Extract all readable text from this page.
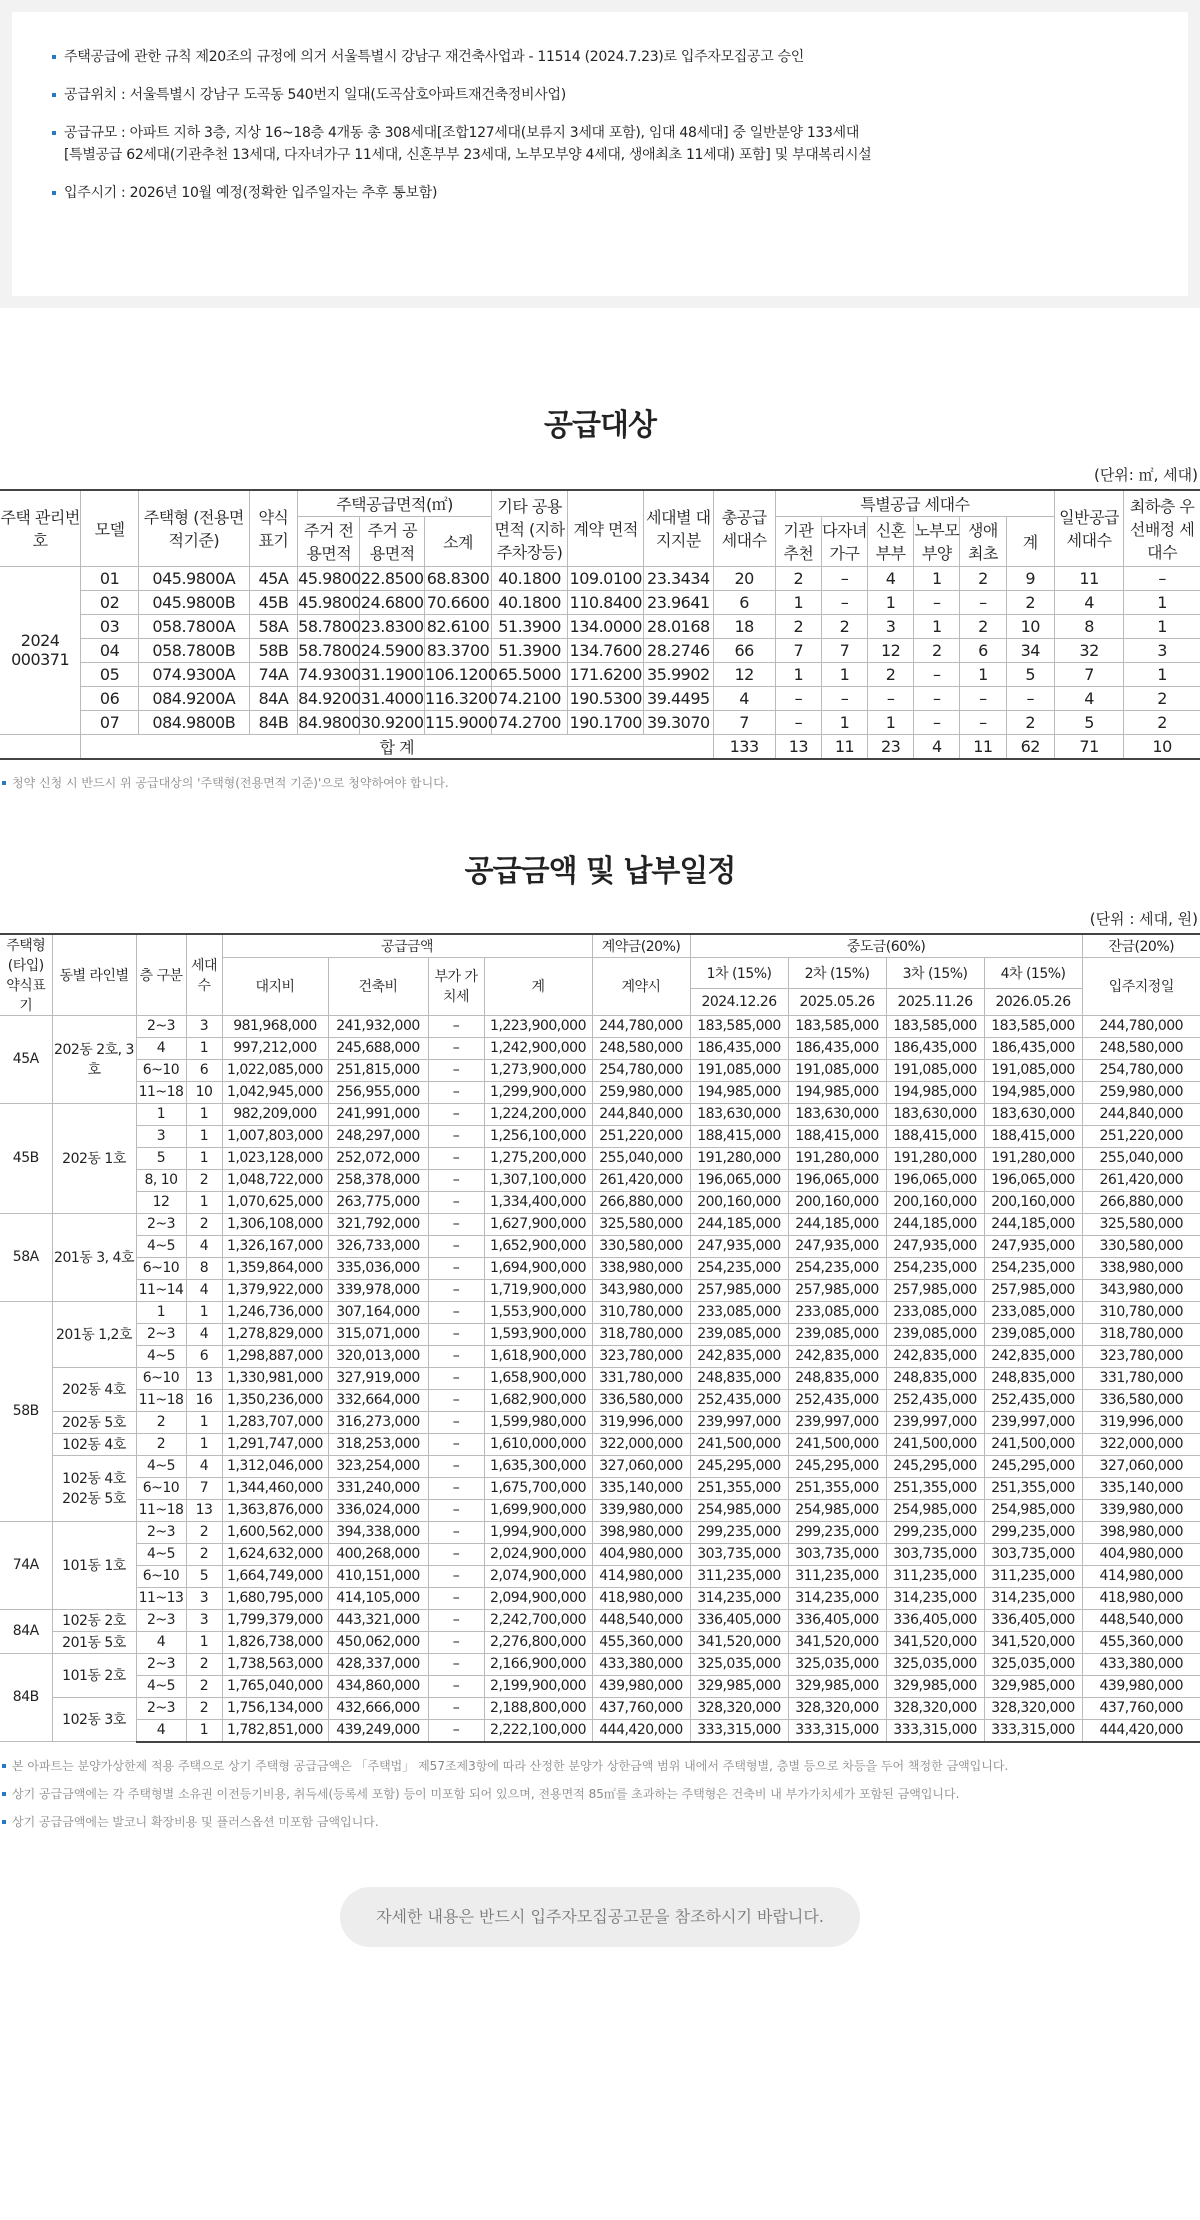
주택공급에 관한 규칙 제20조의 규정에 의거 서울특별시 강남구 재건축사업과 - 11514 (2024.7.23)로 입주자모집공고 승인
공급위치 : 서울특별시 강남구 도곡동 540번지 일대(도곡삼호아파트재건축정비사업)
공급규모 : 아파트 지하 3층, 지상 16~18층 4개동 총 308세대[조합127세대(보류지 3세대 포함), 임대 48세대] 중 일반분양 133세대
[특별공급 62세대(기관추천 13세대, 다자녀가구 11세대, 신혼부부 23세대, 노부모부양 4세대, 생애최초 11세대) 포함] 및 부대복리시설
입주시기 : 2026년 10월 예정(정확한 입주일자는 추후 통보함)
공급대상
(단위: ㎡, 세대)
주택 관리번호	모델	주택형 (전용면적기준)	약식 표기	주택공급면적(㎡)			기타 공용면적 (지하주차장등)	계약 면적	세대별 대지지분	총공급 세대수	특별공급 세대수						일반공급 세대수	최하층 우선배정 세대수
				주거 전용면적	주거 공용면적	소계					기관 추천	다자녀 가구	신혼 부부	노부모 부양	생애 최초	계		

2024 000371	01	045.9800A	45A	45.9800	22.8500	68.8300	40.1800	109.0100	23.3434	20	2	–	4	1	2	9	11	–
	02	045.9800B	45B	45.9800	24.6800	70.6600	40.1800	110.8400	23.9641	6	1	–	1	–	–	2	4	1
	03	058.7800A	58A	58.7800	23.8300	82.6100	51.3900	134.0000	28.0168	18	2	2	3	1	2	10	8	1
	04	058.7800B	58B	58.7800	24.5900	83.3700	51.3900	134.7600	28.2746	66	7	7	12	2	6	34	32	3
	05	074.9300A	74A	74.9300	31.1900	106.1200	65.5000	171.6200	35.9902	12	1	1	2	–	1	5	7	1
	06	084.9200A	84A	84.9200	31.4000	116.3200	74.2100	190.5300	39.4495	4	–	–	–	–	–	–	4	2
	07	084.9800B	84B	84.9800	30.9200	115.9000	74.2700	190.1700	39.3070	7	–	1	1	–	–	2	5	2
	합 계									133	13	11	23	4	11	62	71	10
청약 신청 시 반드시 위 공급대상의 '주택형(전용면적 기준)'으로 청약하여야 합니다.
공급금액 및 납부일정
(단위 : 세대, 원)
주택형 (타입) 약식표기	동별 라인별	층 구분	세대 수	공급금액				계약금(20%)	중도금(60%)				잔금(20%)
				대지비	건축비	부가 가치세	계	계약시	1차 (15%)	2차 (15%)	3차 (15%)	4차 (15%)	입주지정일
									2024.12.26	2025.05.26	2025.11.26	2026.05.26	
45A	202동 2호, 3호	2~3	3	981,968,000	241,932,000	–	1,223,900,000	244,780,000	183,585,000	183,585,000	183,585,000	183,585,000	244,780,000
		4	1	997,212,000	245,688,000	–	1,242,900,000	248,580,000	186,435,000	186,435,000	186,435,000	186,435,000	248,580,000
		6~10	6	1,022,085,000	251,815,000	–	1,273,900,000	254,780,000	191,085,000	191,085,000	191,085,000	191,085,000	254,780,000
		11~18	10	1,042,945,000	256,955,000	–	1,299,900,000	259,980,000	194,985,000	194,985,000	194,985,000	194,985,000	259,980,000
45B	202동 1호	1	1	982,209,000	241,991,000	–	1,224,200,000	244,840,000	183,630,000	183,630,000	183,630,000	183,630,000	244,840,000
		3	1	1,007,803,000	248,297,000	–	1,256,100,000	251,220,000	188,415,000	188,415,000	188,415,000	188,415,000	251,220,000
		5	1	1,023,128,000	252,072,000	–	1,275,200,000	255,040,000	191,280,000	191,280,000	191,280,000	191,280,000	255,040,000
		8, 10	2	1,048,722,000	258,378,000	–	1,307,100,000	261,420,000	196,065,000	196,065,000	196,065,000	196,065,000	261,420,000
		12	1	1,070,625,000	263,775,000	–	1,334,400,000	266,880,000	200,160,000	200,160,000	200,160,000	200,160,000	266,880,000
58A	201동 3, 4호	2~3	2	1,306,108,000	321,792,000	–	1,627,900,000	325,580,000	244,185,000	244,185,000	244,185,000	244,185,000	325,580,000
		4~5	4	1,326,167,000	326,733,000	–	1,652,900,000	330,580,000	247,935,000	247,935,000	247,935,000	247,935,000	330,580,000
		6~10	8	1,359,864,000	335,036,000	–	1,694,900,000	338,980,000	254,235,000	254,235,000	254,235,000	254,235,000	338,980,000
		11~14	4	1,379,922,000	339,978,000	–	1,719,900,000	343,980,000	257,985,000	257,985,000	257,985,000	257,985,000	343,980,000
58B	201동 1,2호	1	1	1,246,736,000	307,164,000	–	1,553,900,000	310,780,000	233,085,000	233,085,000	233,085,000	233,085,000	310,780,000
		2~3	4	1,278,829,000	315,071,000	–	1,593,900,000	318,780,000	239,085,000	239,085,000	239,085,000	239,085,000	318,780,000
		4~5	6	1,298,887,000	320,013,000	–	1,618,900,000	323,780,000	242,835,000	242,835,000	242,835,000	242,835,000	323,780,000
	202동 4호	6~10	13	1,330,981,000	327,919,000	–	1,658,900,000	331,780,000	248,835,000	248,835,000	248,835,000	248,835,000	331,780,000
		11~18	16	1,350,236,000	332,664,000	–	1,682,900,000	336,580,000	252,435,000	252,435,000	252,435,000	252,435,000	336,580,000
	202동 5호	2	1	1,283,707,000	316,273,000	–	1,599,980,000	319,996,000	239,997,000	239,997,000	239,997,000	239,997,000	319,996,000
	102동 4호	2	1	1,291,747,000	318,253,000	–	1,610,000,000	322,000,000	241,500,000	241,500,000	241,500,000	241,500,000	322,000,000
	102동 4호 202동 5호	4~5	4	1,312,046,000	323,254,000	–	1,635,300,000	327,060,000	245,295,000	245,295,000	245,295,000	245,295,000	327,060,000
		6~10	7	1,344,460,000	331,240,000	–	1,675,700,000	335,140,000	251,355,000	251,355,000	251,355,000	251,355,000	335,140,000
		11~18	13	1,363,876,000	336,024,000	–	1,699,900,000	339,980,000	254,985,000	254,985,000	254,985,000	254,985,000	339,980,000
74A	101동 1호	2~3	2	1,600,562,000	394,338,000	–	1,994,900,000	398,980,000	299,235,000	299,235,000	299,235,000	299,235,000	398,980,000
		4~5	2	1,624,632,000	400,268,000	–	2,024,900,000	404,980,000	303,735,000	303,735,000	303,735,000	303,735,000	404,980,000
		6~10	5	1,664,749,000	410,151,000	–	2,074,900,000	414,980,000	311,235,000	311,235,000	311,235,000	311,235,000	414,980,000
		11~13	3	1,680,795,000	414,105,000	–	2,094,900,000	418,980,000	314,235,000	314,235,000	314,235,000	314,235,000	418,980,000
84A	102동 2호	2~3	3	1,799,379,000	443,321,000	–	2,242,700,000	448,540,000	336,405,000	336,405,000	336,405,000	336,405,000	448,540,000
	201동 5호	4	1	1,826,738,000	450,062,000	–	2,276,800,000	455,360,000	341,520,000	341,520,000	341,520,000	341,520,000	455,360,000
84B	101동 2호	2~3	2	1,738,563,000	428,337,000	–	2,166,900,000	433,380,000	325,035,000	325,035,000	325,035,000	325,035,000	433,380,000
		4~5	2	1,765,040,000	434,860,000	–	2,199,900,000	439,980,000	329,985,000	329,985,000	329,985,000	329,985,000	439,980,000
	102동 3호	2~3	2	1,756,134,000	432,666,000	–	2,188,800,000	437,760,000	328,320,000	328,320,000	328,320,000	328,320,000	437,760,000
		4	1	1,782,851,000	439,249,000	–	2,222,100,000	444,420,000	333,315,000	333,315,000	333,315,000	333,315,000	444,420,000
본 아파트는 분양가상한제 적용 주택으로 상기 주택형 공급금액은 「주택법」 제57조제3항에 따라 산정한 분양가 상한금액 범위 내에서 주택형별, 층별 등으로 차등을 두어 책정한 금액입니다.
상기 공급금액에는 각 주택형별 소유권 이전등기비용, 취득세(등록세 포함) 등이 미포함 되어 있으며, 전용면적 85㎡를 초과하는 주택형은 건축비 내 부가가치세가 포함된 금액입니다.
상기 공급금액에는 발코니 확장비용 및 플러스옵션 미포함 금액입니다.
자세한 내용은 반드시 입주자모집공고문을 참조하시기 바랍니다.
